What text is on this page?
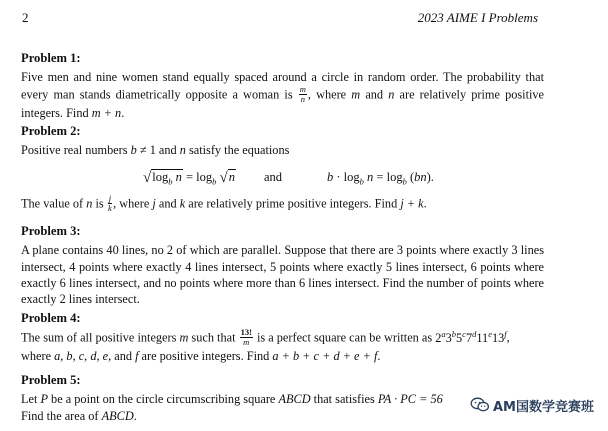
2	2023 AIME I Problems
Problem 1:
Five men and nine women stand equally spaced around a circle in random order. The probability that every man stands diametrically opposite a woman is $\frac{m}{n}$ , where m and n are relatively prime positive integers. Find m + n.
Problem 2:
Positive real numbers b ≠ 1 and n satisfy the equations
$√\log_b$ $n = \log_b √n$ and	$b \cdot \log_b n = \log_b (bn)$.
The value of n is $\frac{j}{k}$ , where j and k are relatively prime positive integers. Find j + k.
Problem 3:
A plane contains 40 lines, no 2 of which are parallel. Suppose that there are 3 points where exactly 3 lines intersect, 4 points where exactly 4 lines intersect, 5 points where exactly 5 lines intersect, 6 points where exactly 6 lines intersect, and no points where more than 6 lines intersect. Find the number of points where exactly 2 lines intersect.
Problem 4:
The sum of all positive integers m such that $\frac{13!}{m}$ is a perfect square can be written as 2$^a$3$^b$5$^c$7$^d$11e13$^f$,
where a, b, c, d, e, and f are positive integers. Find a + b + c + d + e + f.
Problem 5:
Let P be a point on the circle circumscribing square ABCD that satisfies PA · PC = 56
Find the area of ABCD.
AM国数学竞赛班
